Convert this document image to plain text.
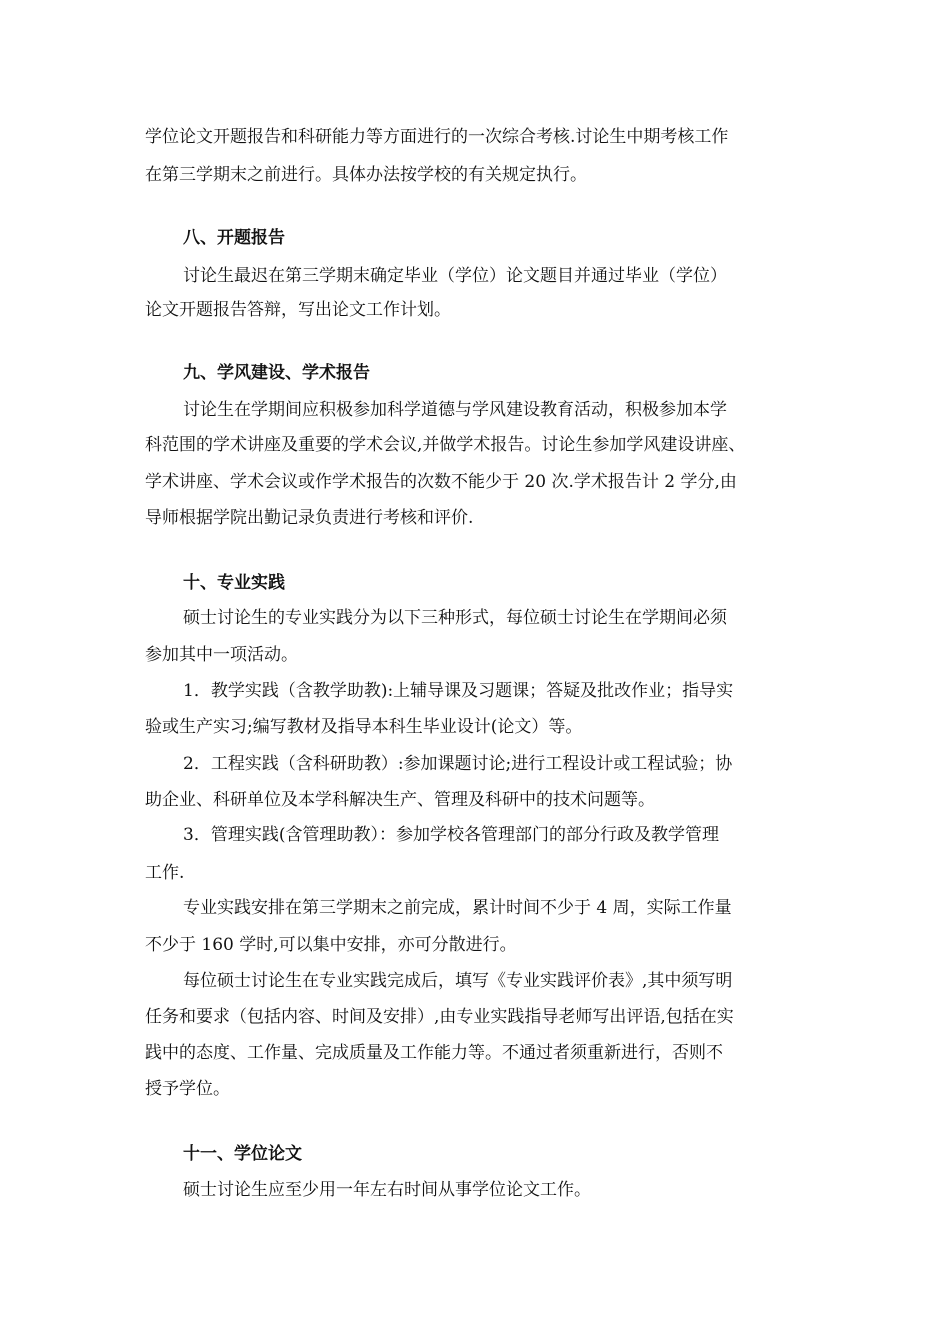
学位论文开题报告和科研能力等方面进行的一次综合考核.讨论生中期考核工作
在第三学期末之前进行。具体办法按学校的有关规定执行。
八、开题报告
讨论生最迟在第三学期末确定毕业（学位）论文题目并通过毕业（学位）
论文开题报告答辩，写出论文工作计划。
九、学风建设、学术报告
讨论生在学期间应积极参加科学道德与学风建设教育活动，积极参加本学
科范围的学术讲座及重要的学术会议,并做学术报告。讨论生参加学风建设讲座、
学术讲座、学术会议或作学术报告的次数不能少于 20 次.学术报告计 2 学分,由
导师根据学院出勤记录负责进行考核和评价.
十、专业实践
硕士讨论生的专业实践分为以下三种形式，每位硕士讨论生在学期间必须
参加其中一项活动。
1．教学实践（含教学助教):上辅导课及习题课；答疑及批改作业；指导实
验或生产实习;编写教材及指导本科生毕业设计(论文）等。
2．工程实践（含科研助教）:参加课题讨论;进行工程设计或工程试验；协
助企业、科研单位及本学科解决生产、管理及科研中的技术问题等。
3．管理实践(含管理助教）：参加学校各管理部门的部分行政及教学管理
工作.
专业实践安排在第三学期末之前完成，累计时间不少于 4 周，实际工作量
不少于 160 学时,可以集中安排，亦可分散进行。
每位硕士讨论生在专业实践完成后，填写《专业实践评价表》,其中须写明
任务和要求（包括内容、时间及安排）,由专业实践指导老师写出评语,包括在实
践中的态度、工作量、完成质量及工作能力等。不通过者须重新进行，否则不
授予学位。
十一、学位论文
硕士讨论生应至少用一年左右时间从事学位论文工作。
